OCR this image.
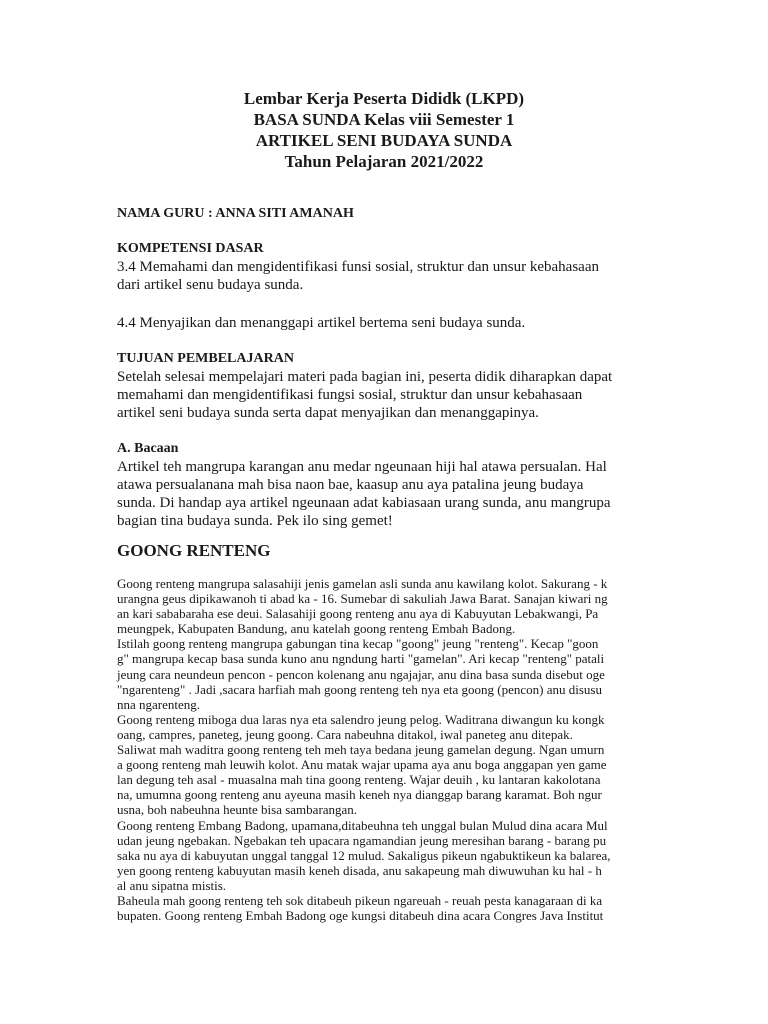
Lembar Kerja Peserta Dididk (LKPD)
BASA SUNDA Kelas viii Semester 1
ARTIKEL SENI BUDAYA SUNDA
Tahun Pelajaran 2021/2022

NAMA GURU : ANNA SITI AMANAH

KOMPETENSI DASAR

3.4 Memahami dan mengidentifikasi funsi sosial, struktur dan unsur kebahasaan
dari artikel senu budaya sunda.

4.4 Menyajikan dan menanggapi artikel bertema seni budaya sunda.

TUJUAN PEMBELAJARAN

Setelah selesai mempelajari materi pada bagian ini, peserta didik diharapkan dapat
memahami dan mengidentifikasi fungsi sosial, struktur dan unsur kebahasaan
artikel seni budaya sunda serta dapat menyajikan dan menanggapinya.

A. Bacaan

Artikel teh mangrupa karangan anu medar ngeunaan hiji hal atawa persualan. Hal
atawa persualanana mah bisa naon bae, kaasup anu aya patalina jeung budaya
sunda. Di handap aya artikel ngeunaan adat kabiasaan urang sunda, anu mangrupa
bagian tina budaya sunda. Pek ilo sing gemet!

GOONG RENTENG

Goong renteng mangrupa salasahiji jenis gamelan asli sunda anu kawilang kolot. Sakurang - k
urangna geus dipikawanoh ti abad ka - 16. Sumebar di sakuliah Jawa Barat. Sanajan kiwari ng
an kari sababaraha ese deui. Salasahiji goong renteng anu aya di Kabuyutan Lebakwangi, Pa
meungpek, Kabupaten Bandung, anu katelah goong renteng Embah Badong.
Istilah goong renteng mangrupa gabungan tina kecap "goong" jeung "renteng". Kecap "goon
g" mangrupa kecap basa sunda kuno anu ngndung harti "gamelan". Ari kecap "renteng" patali
jeung cara neundeun pencon - pencon kolenang anu ngajajar, anu dina basa sunda disebut oge
"ngarenteng" . Jadi ,sacara harfiah mah goong renteng teh nya eta goong (pencon) anu disusu
nna ngarenteng.
Goong renteng miboga dua laras nya eta salendro jeung pelog. Waditrana diwangun ku kongk
oang, campres, paneteg, jeung goong. Cara nabeuhna ditakol, iwal paneteg anu ditepak.
Saliwat mah waditra goong renteng teh meh taya bedana jeung gamelan degung. Ngan umurn
a goong renteng mah leuwih kolot. Anu matak wajar upama aya anu boga anggapan yen game
lan degung teh asal - muasalna mah tina goong renteng. Wajar deuih , ku lantaran kakolotana
na, umumna goong renteng anu ayeuna masih keneh nya dianggap barang karamat. Boh ngur
usna, boh nabeuhna heunte bisa sambarangan.
Goong renteng Embang Badong, upamana,ditabeuhna teh unggal bulan Mulud dina acara Mul
udan jeung ngebakan. Ngebakan teh upacara ngamandian jeung meresihan barang - barang pu
saka nu aya di kabuyutan unggal tanggal 12 mulud. Sakaligus pikeun ngabuktikeun ka balarea,
yen goong renteng kabuyutan masih keneh disada, anu sakapeung mah diwuwuhan ku hal - h
al anu sipatna mistis.
Baheula mah goong renteng teh sok ditabeuh pikeun ngareuah - reuah pesta kanagaraan di ka
bupaten. Goong renteng Embah Badong oge kungsi ditabeuh dina acara Congres Java Institut
